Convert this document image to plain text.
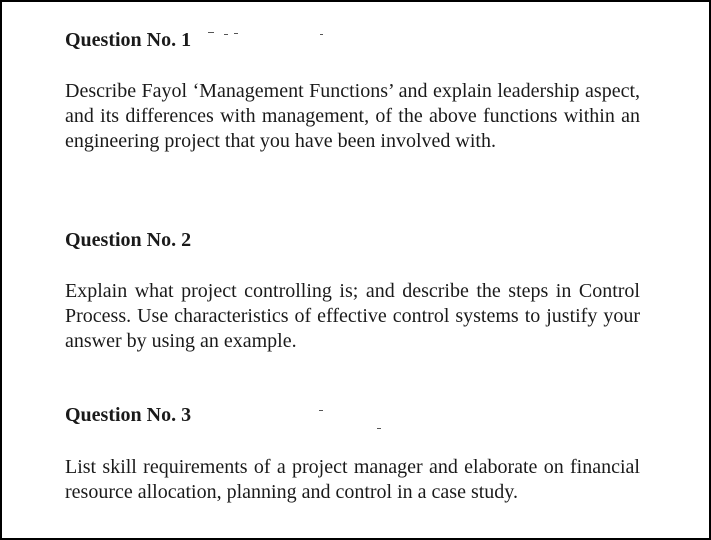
Question No. 1
Describe Fayol ‘Management Functions’ and explain leadership aspect, and its differences with management, of the above functions within an engineering project that you have been involved with.
Question No. 2
Explain what project controlling is; and describe the steps in Control Process. Use characteristics of effective control systems to justify your answer by using an example.
Question No. 3
List skill requirements of a project manager and elaborate on financial resource allocation, planning and control in a case study.
